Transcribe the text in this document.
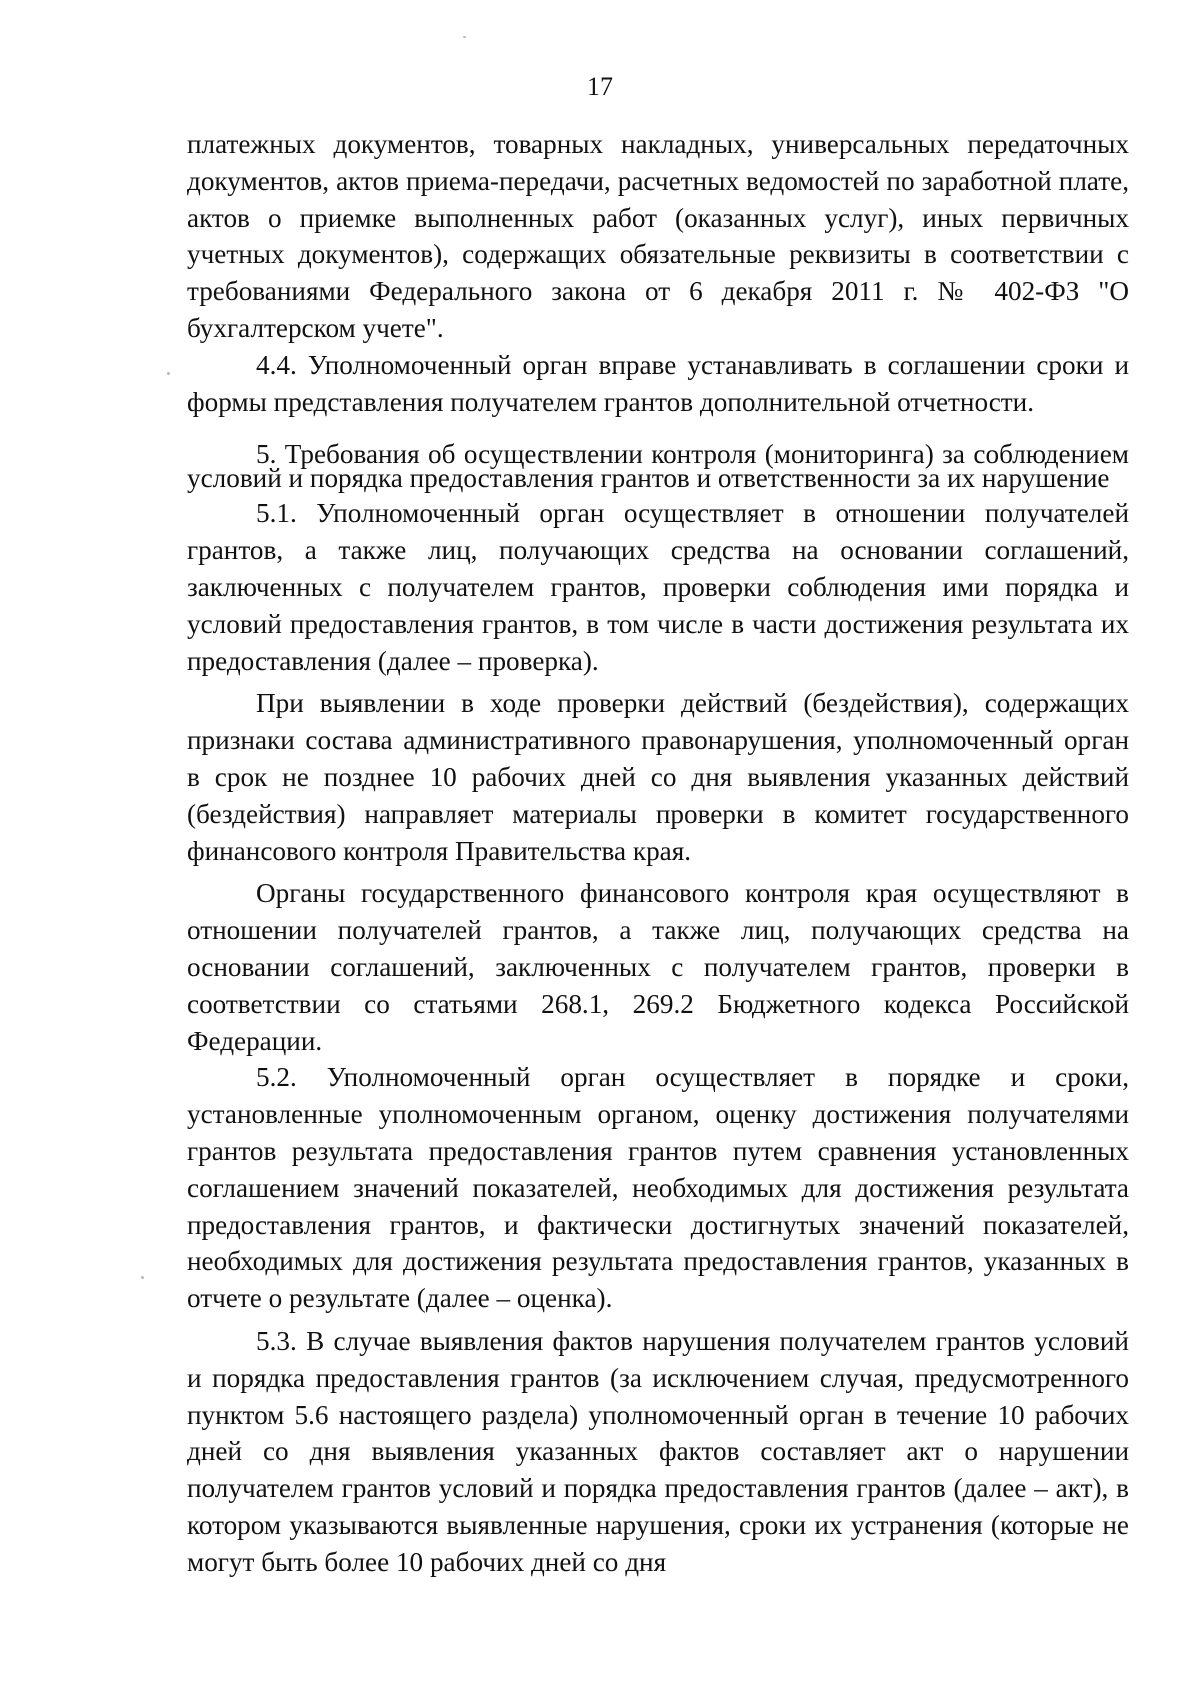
17

платежных документов, товарных накладных, универсальных передаточных документов, актов приема-передачи, расчетных ведомостей по заработной плате, актов о приемке выполненных работ (оказанных услуг), иных первичных учетных документов), содержащих обязательные реквизиты в соответствии с требованиями Федерального закона от 6 декабря 2011 г. № 402-ФЗ "О бухгалтерском учете".

4.4. Уполномоченный орган вправе устанавливать в соглашении сроки и формы представления получателем грантов дополнительной отчетности.

5. Требования об осуществлении контроля (мониторинга) за соблюдением условий и порядка предоставления грантов и ответственности за их нарушение

5.1. Уполномоченный орган осуществляет в отношении получателей грантов, а также лиц, получающих средства на основании соглашений, заключенных с получателем грантов, проверки соблюдения ими порядка и условий предоставления грантов, в том числе в части достижения результата их предоставления (далее – проверка).

При выявлении в ходе проверки действий (бездействия), содержащих признаки состава административного правонарушения, уполномоченный орган в срок не позднее 10 рабочих дней со дня выявления указанных действий (бездействия) направляет материалы проверки в комитет государственного финансового контроля Правительства края.

Органы государственного финансового контроля края осуществляют в отношении получателей грантов, а также лиц, получающих средства на основании соглашений, заключенных с получателем грантов, проверки в соответствии со статьями 268.1, 269.2 Бюджетного кодекса Российской Федерации.

5.2. Уполномоченный орган осуществляет в порядке и сроки, установленные уполномоченным органом, оценку достижения получателями грантов результата предоставления грантов путем сравнения установленных соглашением значений показателей, необходимых для достижения результата предоставления грантов, и фактически достигнутых значений показателей, необходимых для достижения результата предоставления грантов, указанных в отчете о результате (далее – оценка).

5.3. В случае выявления фактов нарушения получателем грантов условий и порядка предоставления грантов (за исключением случая, предусмотренного пунктом 5.6 настоящего раздела) уполномоченный орган в течение 10 рабочих дней со дня выявления указанных фактов составляет акт о нарушении получателем грантов условий и порядка предоставления грантов (далее – акт), в котором указываются выявленные нарушения, сроки их устранения (которые не могут быть более 10 рабочих дней со дня
